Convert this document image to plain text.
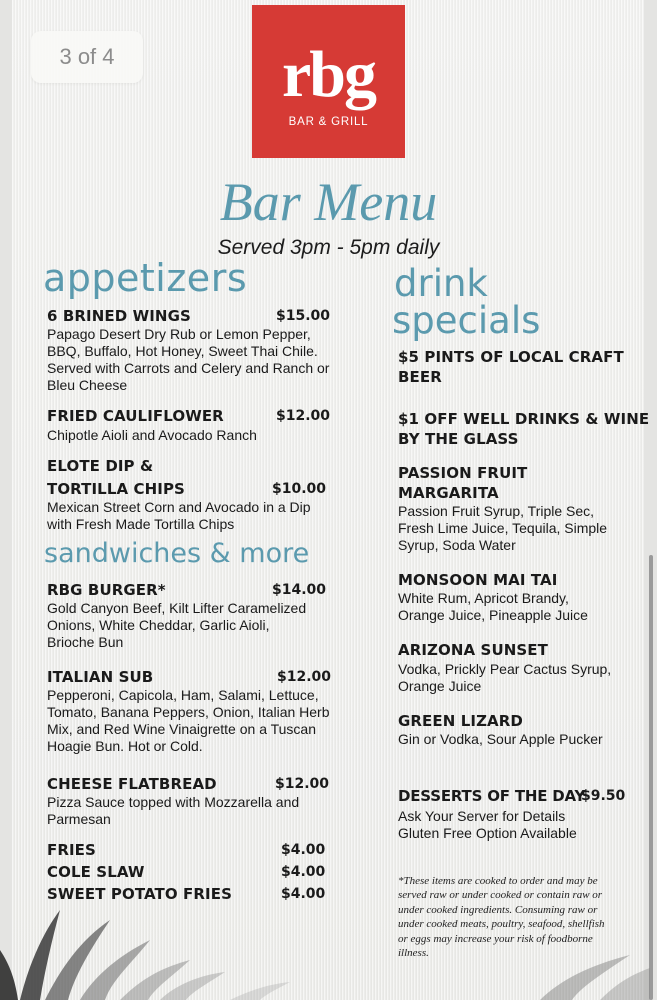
3 of 4	rbg
BAR & GRILL
Bar Menu
Served 3pm - 5pm daily
appetizers
sandwiches & more
drink
specials
6 BRINED WINGS	$15.00
Papago Desert Dry Rub or Lemon Pepper,
BBQ, Buffalo, Hot Honey, Sweet Thai Chile.
Served with Carrots and Celery and Ranch or
Bleu Cheese
FRIED CAULIFLOWER	$12.00
Chipotle Aioli and Avocado Ranch
ELOTE DIP &
TORTILLA CHIPS	$10.00
Mexican Street Corn and Avocado in a Dip
with Fresh Made Tortilla Chips
RBG BURGER*	$14.00
Gold Canyon Beef, Kilt Lifter Caramelized
Onions, White Cheddar, Garlic Aioli,
Brioche Bun
ITALIAN SUB	$12.00
Pepperoni, Capicola, Ham, Salami, Lettuce,
Tomato, Banana Peppers, Onion, Italian Herb
Mix, and Red Wine Vinaigrette on a Tuscan
Hoagie Bun. Hot or Cold.
CHEESE FLATBREAD	$12.00
Pizza Sauce topped with Mozzarella and
Parmesan
FRIES	$4.00
COLE SLAW	$4.00
SWEET POTATO FRIES	$4.00
$5 PINTS OF LOCAL CRAFT
BEER
$1 OFF WELL DRINKS & WINE
BY THE GLASS
PASSION FRUIT
MARGARITA
Passion Fruit Syrup, Triple Sec,
Fresh Lime Juice, Tequila, Simple
Syrup, Soda Water
MONSOON MAI TAI
White Rum, Apricot Brandy,
Orange Juice, Pineapple Juice
ARIZONA SUNSET
Vodka, Prickly Pear Cactus Syrup,
Orange Juice
GREEN LIZARD
Gin or Vodka, Sour Apple Pucker
DESSERTS OF THE DAY
$9.50
Ask Your Server for Details
Gluten Free Option Available
*These items are cooked to order and may be
served raw or under cooked or contain raw or
under cooked ingredients. Consuming raw or
under cooked meats, poultry, seafood, shellfish
or eggs may increase your risk of foodborne
illness.
